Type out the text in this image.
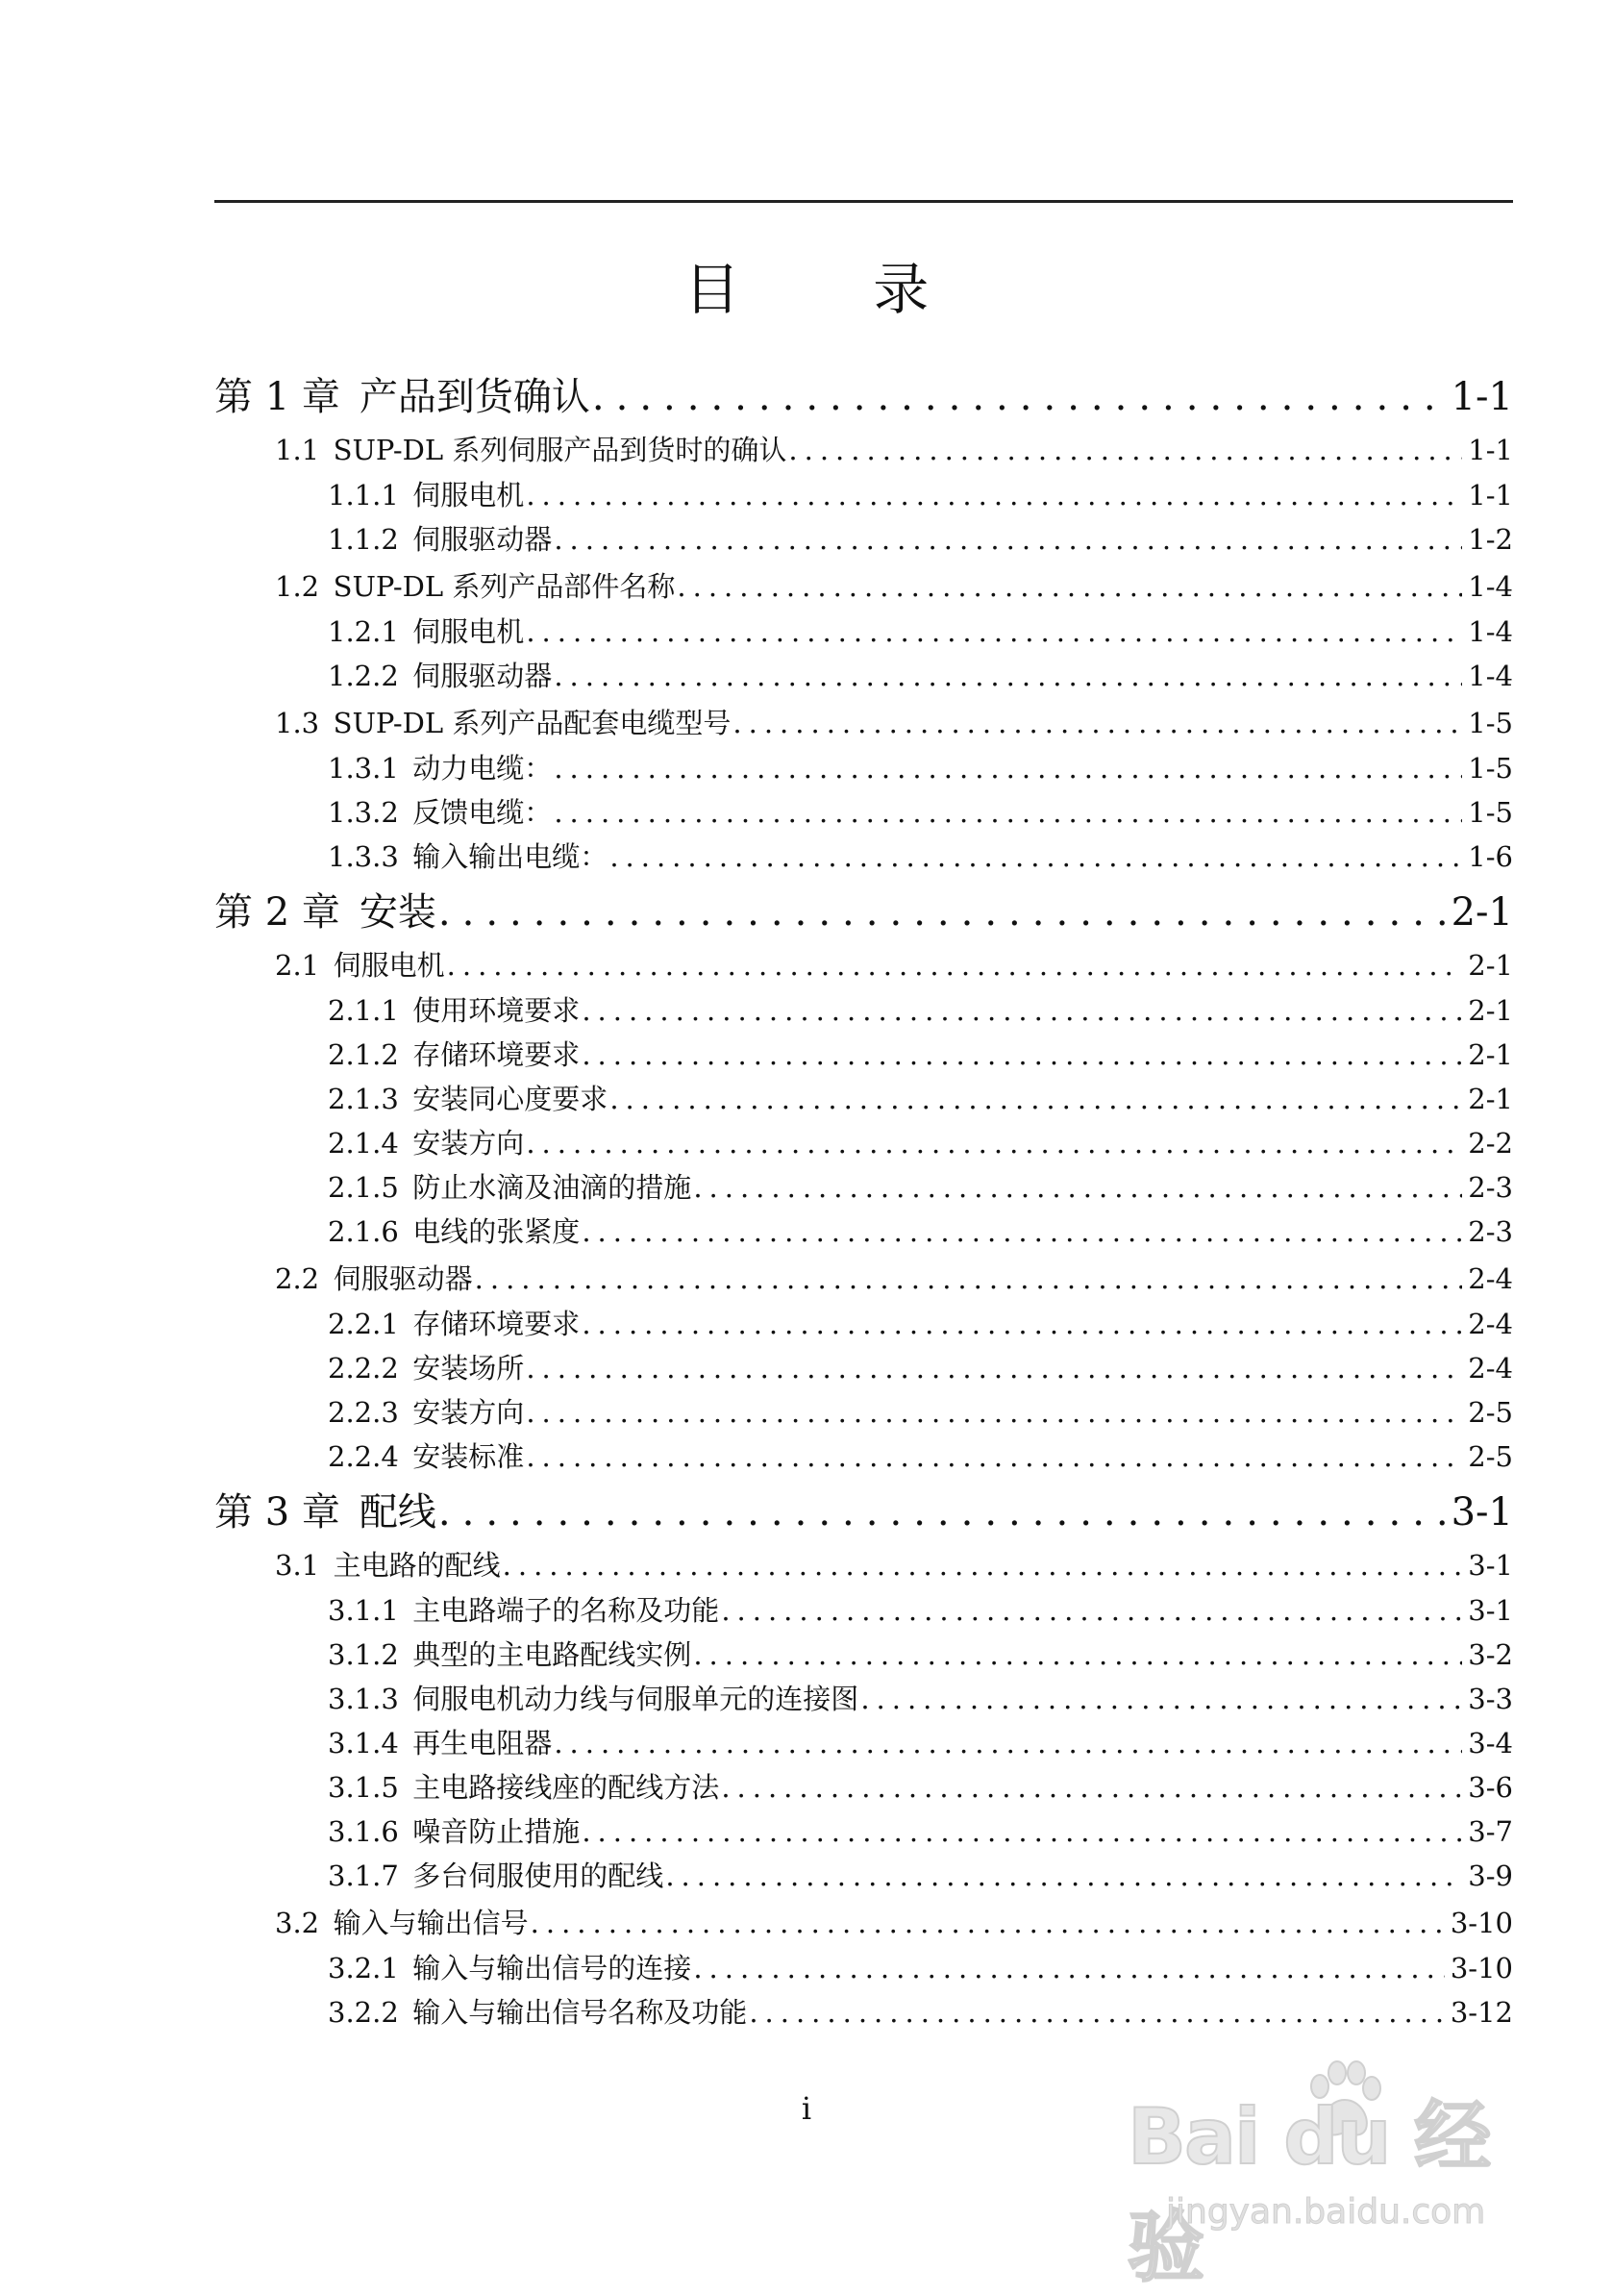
目 录
第 1 章 产品到货确认 .....	1-1
1.1 SUP-DL 系列伺服产品到货时的确认 .....	1-1
1.1.1 伺服电机 .....	1-1
1.1.2 伺服驱动器 .....	1-2
1.2 SUP-DL 系列产品部件名称 .....	1-4
1.2.1 伺服电机 .....	1-4
1.2.2 伺服驱动器 .....	1-4
1.3 SUP-DL 系列产品配套电缆型号 .....	1-5
1.3.1 动力电缆： .....	1-5
1.3.2 反馈电缆： .....	1-5
1.3.3 输入输出电缆： .....	1-6
第 2 章 安装 .....	2-1
2.1 伺服电机 .....	2-1
2.1.1 使用环境要求 .....	2-1
2.1.2 存储环境要求 .....	2-1
2.1.3 安装同心度要求 .....	2-1
2.1.4 安装方向 .....	2-2
2.1.5 防止水滴及油滴的措施 .....	2-3
2.1.6 电线的张紧度 .....	2-3
2.2 伺服驱动器 .....	2-4
2.2.1 存储环境要求 .....	2-4
2.2.2 安装场所 .....	2-4
2.2.3 安装方向 .....	2-5
2.2.4 安装标准 .....	2-5
第 3 章 配线 .....	3-1
3.1 主电路的配线 .....	3-1
3.1.1 主电路端子的名称及功能 .....	3-1
3.1.2 典型的主电路配线实例 .....	3-2
3.1.3 伺服电机动力线与伺服单元的连接图 .....	3-3
3.1.4 再生电阻器 .....	3-4
3.1.5 主电路接线座的配线方法 .....	3-6
3.1.6 噪音防止措施 .....	3-7
3.1.7 多台伺服使用的配线 .....	3-9
3.2 输入与输出信号 .....	3-10
3.2.1 输入与输出信号的连接 .....	3-10
3.2.2 输入与输出信号名称及功能 .....	3-12
i	Bai du 经验
jingyan.baidu.com
